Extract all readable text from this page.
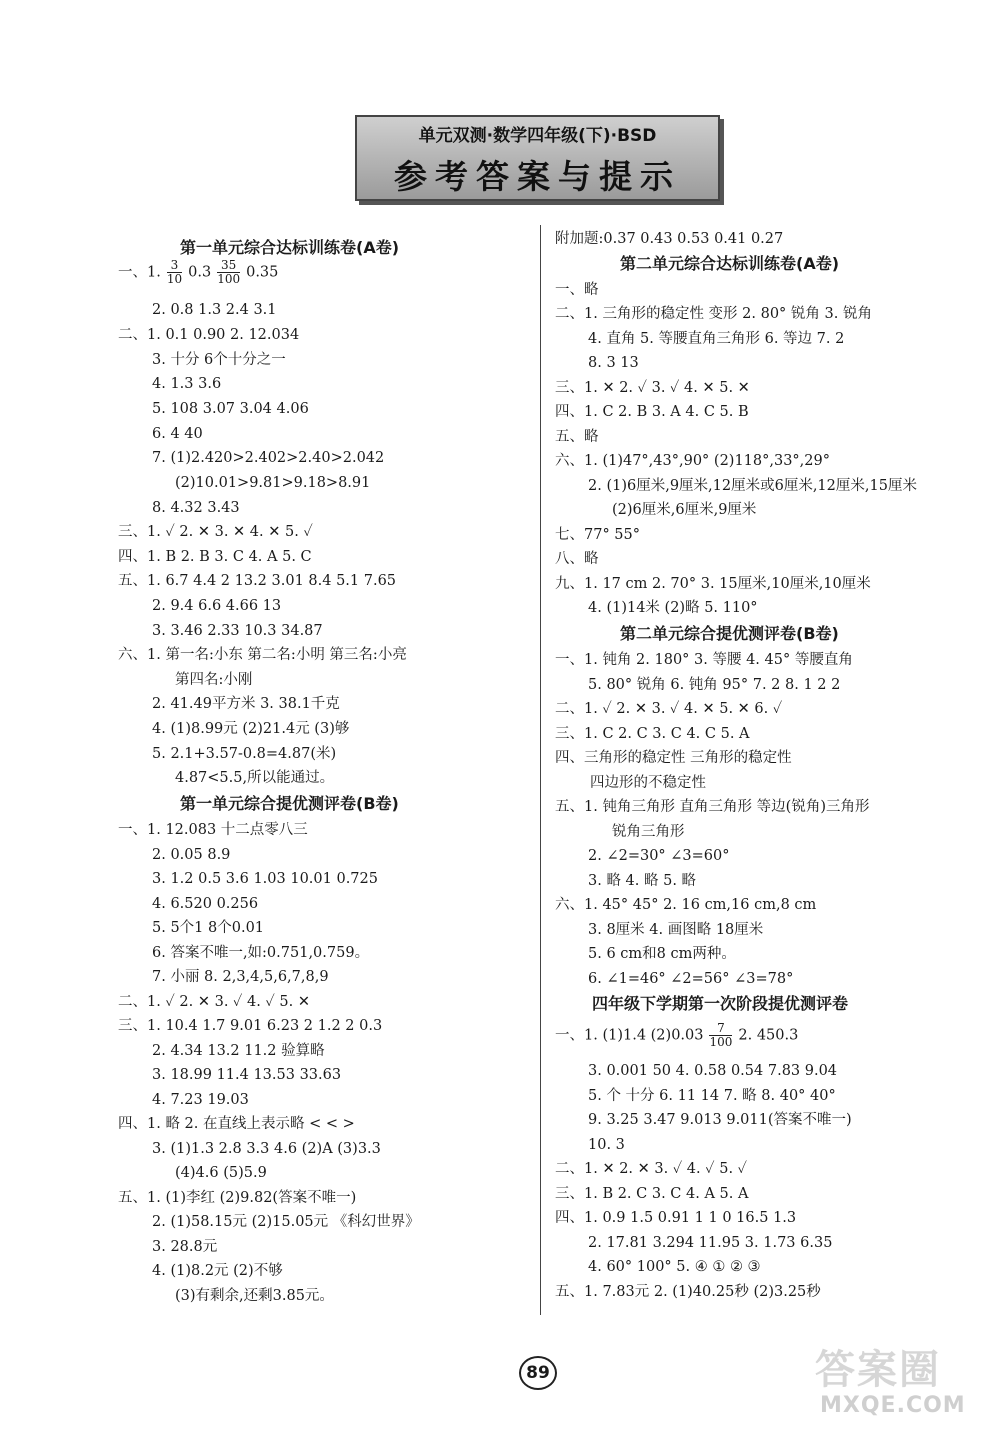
单元双测·数学四年级(下)·BSD
参考答案与提示
第一单元综合达标训练卷(A卷)
一、1. $\frac{3}{10} 0.3 \frac{35}{100} 0.35$
2. 0.8 1.3 2.4 3.1
二、1. 0.1 0.90 2. 12.034
3. 十分 6个十分之一
4. 1.3 3.6
5. 108 3.07 3.04 4.06
6. 4 40
7. (1)2.420>2.402>2.40>2.042
(2)10.01>9.81>9.18>8.91
8. 4.32 3.43
三、1. ✓ 2. ✕ 3. ✕ 4. ✕ 5. ✓
四、1. B 2. B 3. C 4. A 5. C
五、1. 6.7 4.4 2 13.2 3.01 8.4 5.1 7.65
2. 9.4 6.6 4.66 13
3. 3.46 2.33 10.3 34.87
六、1. 第一名:小东 第二名:小明 第三名:小亮
第四名:小刚
2. 41.49平方米 3. 38.1千克
4. (1)8.99元 (2)21.4元 (3)够
5. 2.1+3.57-0.8=4.87(米)
4.87<5.5,所以能通过。
第一单元综合提优测评卷(B卷)
一、1. 12.083 十二点零八三
2. 0.05 8.9
3. 1.2 0.5 3.6 1.03 10.01 0.725
4. 6.520 0.256
5. 5个1 8个0.01
6. 答案不唯一,如:0.751,0.759。
7. 小丽 8. 2,3,4,5,6,7,8,9
二、1. ✓ 2. ✕ 3. ✓ 4. ✓ 5. ✕
三、1. 10.4 1.7 9.01 6.23 2 1.2 2 0.3
2. 4.34 13.2 11.2 验算略
3. 18.99 11.4 13.53 33.63
4. 7.23 19.03
四、1. 略 2. 在直线上表示略 < < >
3. (1)1.3 2.8 3.3 4.6 (2)A (3)3.3
(4)4.6 (5)5.9
五、1. (1)李红 (2)9.82(答案不唯一)
2. (1)58.15元 (2)15.05元 《科幻世界》
3. 28.8元
4. (1)8.2元 (2)不够
(3)有剩余,还剩3.85元。
附加题:0.37 0.43 0.53 0.41 0.27
第二单元综合达标训练卷(A卷)
一、略
二、1. 三角形的稳定性 变形 2. 80° 锐角 3. 锐角
4. 直角 5. 等腰直角三角形 6. 等边 7. 2
8. 3 13
三、1. ✕ 2. ✓ 3. ✓ 4. ✕ 5. ✕
四、1. C 2. B 3. A 4. C 5. B
五、略
六、1. (1)47°,43°,90° (2)118°,33°,29°
2. (1)6厘米,9厘米,12厘米或6厘米,12厘米,15厘米
(2)6厘米,6厘米,9厘米
七、77° 55°
八、略
九、1. 17 cm 2. 70° 3. 15厘米,10厘米,10厘米
4. (1)14米 (2)略 5. 110°
第二单元综合提优测评卷(B卷)
一、1. 钝角 2. 180° 3. 等腰 4. 45° 等腰直角
5. 80° 锐角 6. 钝角 95° 7. 2 8. 1 2 2
二、1. ✓ 2. ✕ 3. ✓ 4. ✕ 5. ✕ 6. ✓
三、1. C 2. C 3. C 4. C 5. A
四、三角形的稳定性 三角形的稳定性
四边形的不稳定性
五、1. 钝角三角形 直角三角形 等边(锐角)三角形
锐角三角形
2. ∠2=30° ∠3=60°
3. 略 4. 略 5. 略
六、1. 45° 45° 2. 16 cm,16 cm,8 cm
3. 8厘米 4. 画图略 18厘米
5. 6 cm和8 cm两种。
6. ∠1=46° ∠2=56° ∠3=78°
四年级下学期第一次阶段提优测评卷
一、1. (1)1.4 $(2)0.03 \frac{7}{100} 2$. 450.3
3. 0.001 50 4. 0.58 0.54 7.83 9.04
5. 个 十分 6. 11 14 7. 略 8. 40° 40°
9. 3.25 3.47 9.013 9.011(答案不唯一)
10. 3
二、1. ✕ 2. ✕ 3. ✓ 4. ✓ 5. ✓
三、1. B 2. C 3. C 4. A 5. A
四、1. 0.9 1.5 0.91 1 1 0 16.5 1.3
2. 17.81 3.294 11.95 3. 1.73 6.35
4. 60° 100° 5. ④ ① ② ③
五、1. 7.83元 2. (1)40.25秒 (2)3.25秒
89	答案圈
MXQE.COM
